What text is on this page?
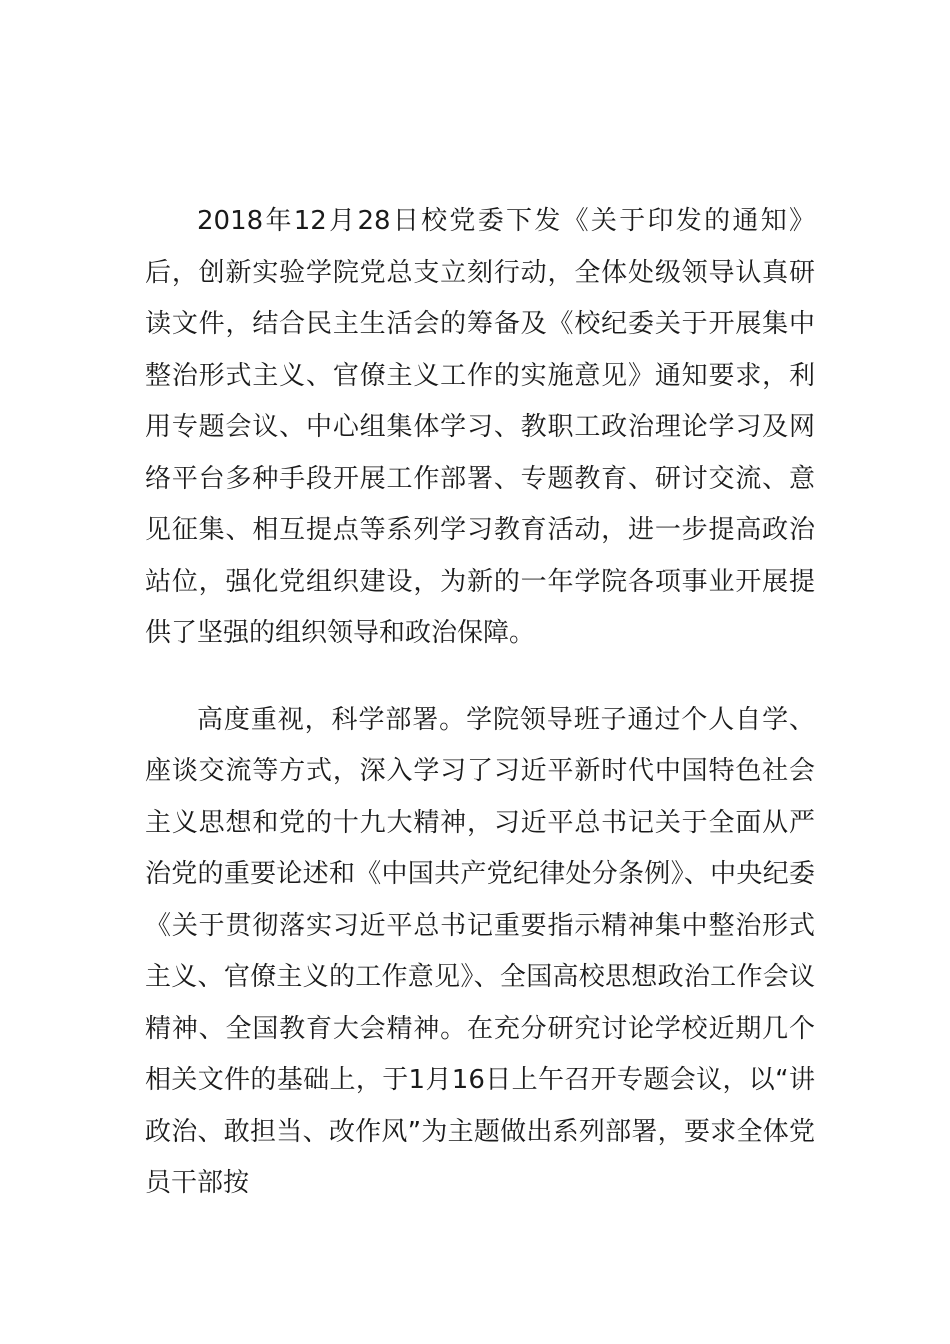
2018年12月28日校党委下发《关于印发的通知》后，创新实验学院党总支立刻行动，全体处级领导认真研读文件，结合民主生活会的筹备及《校纪委关于开展集中整治形式主义、官僚主义工作的实施意见》通知要求，利用专题会议、中心组集体学习、教职工政治理论学习及网络平台多种手段开展工作部署、专题教育、研讨交流、意见征集、相互提点等系列学习教育活动，进一步提高政治站位，强化党组织建设，为新的一年学院各项事业开展提供了坚强的组织领导和政治保障。

高度重视，科学部署。学院领导班子通过个人自学、座谈交流等方式，深入学习了习近平新时代中国特色社会主义思想和党的十九大精神，习近平总书记关于全面从严治党的重要论述和《中国共产党纪律处分条例》、中央纪委《关于贯彻落实习近平总书记重要指示精神集中整治形式主义、官僚主义的工作意见》、全国高校思想政治工作会议精神、全国教育大会精神。在充分研究讨论学校近期几个相关文件的基础上，于1月16日上午召开专题会议，以“讲政治、敢担当、改作风”为主题做出系列部署，要求全体党员干部按
